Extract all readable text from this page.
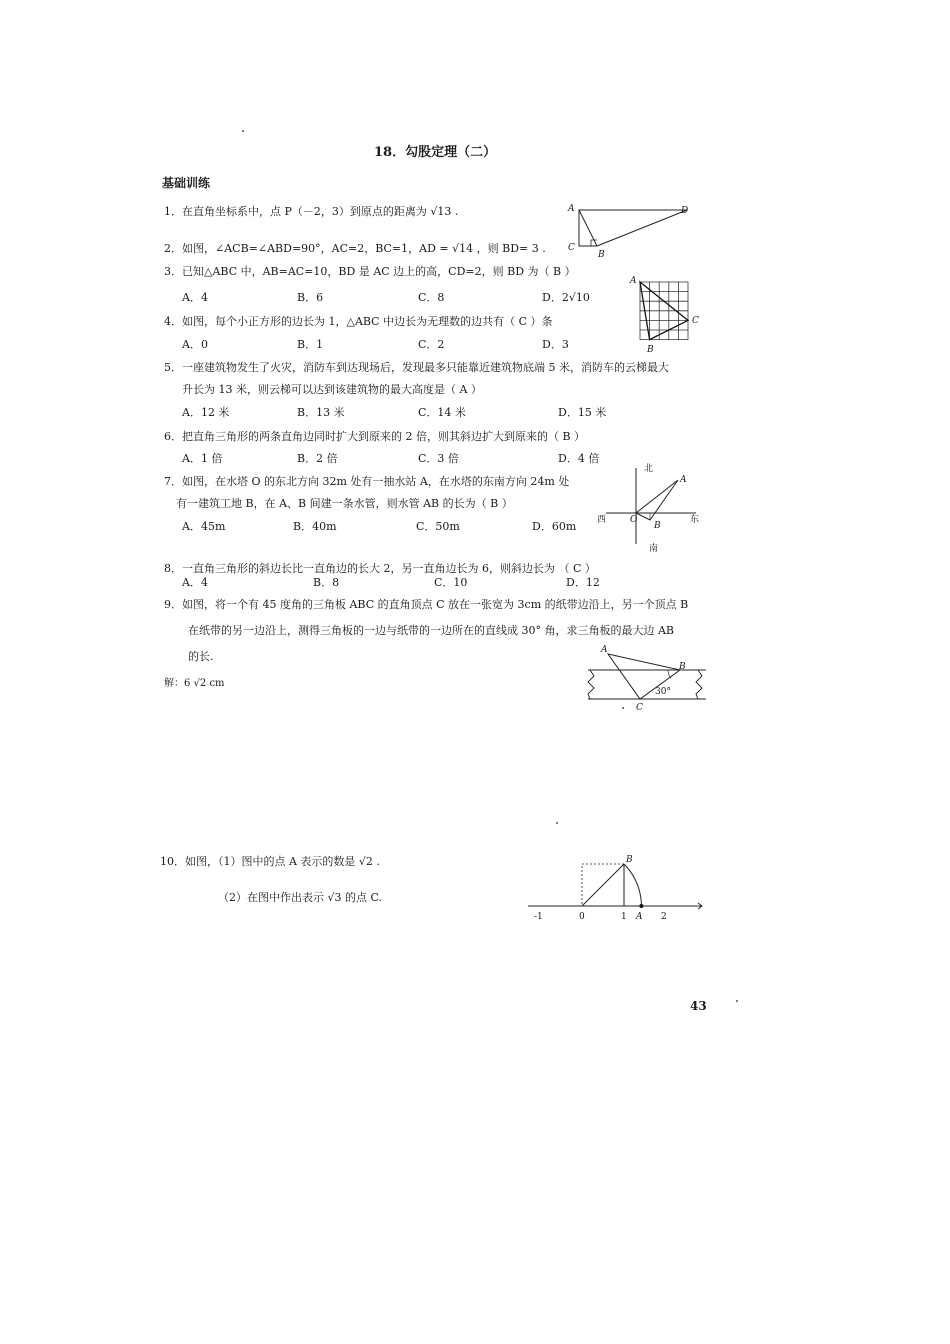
18．勾股定理（二）
基础训练
1．在直角坐标系中，点 P（－2，3）到原点的距离为 √13 .	A	D
C
B
2．如图，∠ACB=∠ABD=90°，AC=2，BC=1，AD = √14 ，则 BD= 3 .
3．已知△ABC 中，AB=AC=10，BD 是 AC 边上的高，CD=2，则 BD 为（ B ）
A．4	B．6	C．8	D．2√10
A
C
B
4．如图，每个小正方形的边长为 1，△ABC 中边长为无理数的边共有（ C ）条
A．0	B．1	C．2	D．3
5．一座建筑物发生了火灾，消防车到达现场后，发现最多只能靠近建筑物底端 5 米，消防车的云梯最大
升长为 13 米，则云梯可以达到该建筑物的最大高度是（ A ）
A．12 米	B．13 米	C．14 米	D．15 米
6．把直角三角形的两条直角边同时扩大到原来的 2 倍，则其斜边扩大到原来的（ B ）
A．1 倍	B．2 倍	C．3 倍	D．4 倍
7．如图，在水塔 O 的东北方向 32m 处有一抽水站 A，在水塔的东南方向 24m 处
有一建筑工地 B，在 A、B 间建一条水管，则水管 AB 的长为（ B ）
A．45m	B．40m	C．50m	D．60m
北
南
西	东
O
A
B
8．一直角三角形的斜边长比一直角边的长大 2，另一直角边长为 6，则斜边长为 （ C ）
A．4	B．8	C．10	D．12
9．如图，将一个有 45 度角的三角板 ABC 的直角顶点 C 放在一张宽为 3cm 的纸带边沿上，另一个顶点 B
在纸带的另一边沿上，测得三角板的一边与纸带的一边所在的直线成 30° 角，求三角板的最大边 AB
的长.
解：6 √2 cm
A
B
C
30°
10．如图，（1）图中的点 A 表示的数是 √2 .
（2）在图中作出表示 √3 的点 C.
B
A
-1	0	1	2
43
